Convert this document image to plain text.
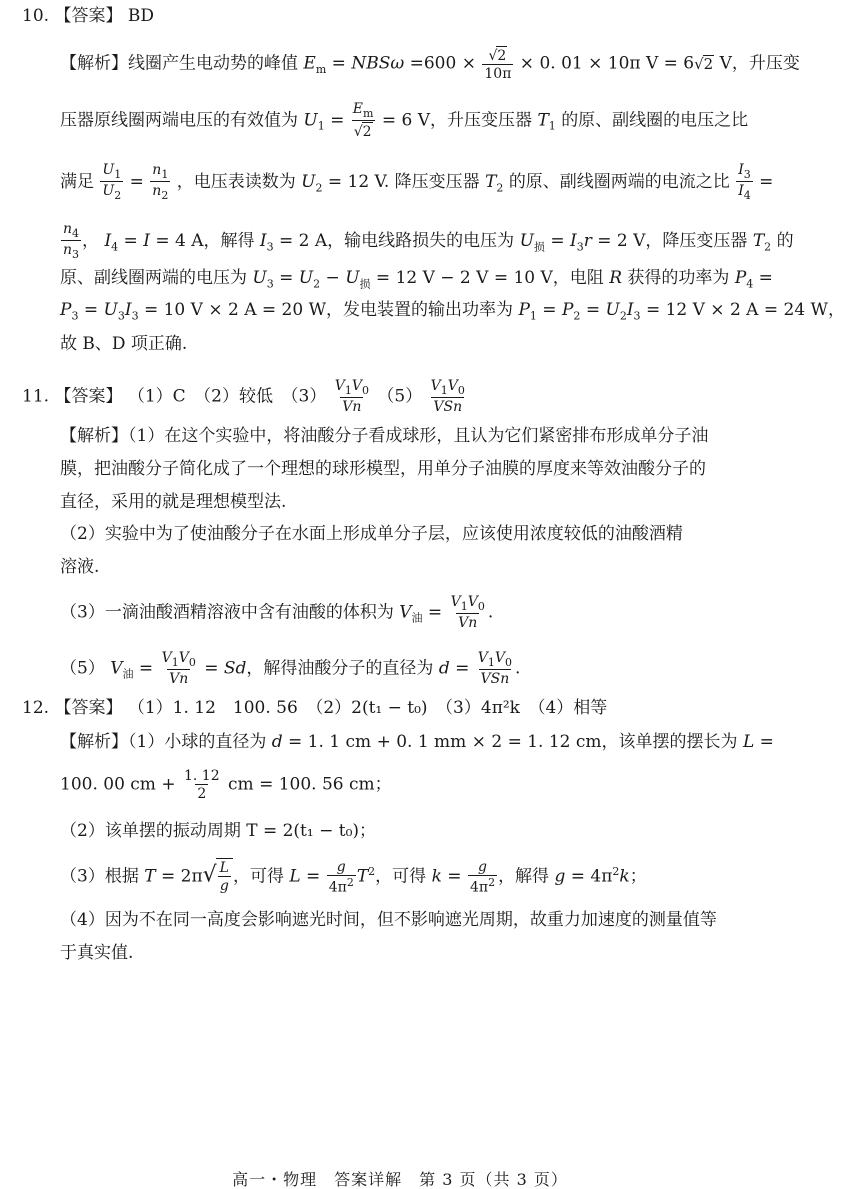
10. 【答案】 BD
【解析】线圈产生电动势的峰值 $E_m = NBS\omega =600 \times \frac{√2}{10\pi} \times 0$. 01 × 10π V = 6√2 V，升压变
压器原线圈两端电压的有效值为 $U_1 = \frac{E_m}{√2} = 6$ V，升压变压器 $T_1$ 的原、副线圈的电压之比
满足 $\frac{U_1}{U_2} = \frac{n_1}{n_2}$ ，电压表读数为 $U_2 = 12$ V. 降压变压器 $T_2$ 的原、副线圈两端的电流之比 $\frac{I_3}{I_4}$ =
$\frac{n_4}{n_3}$ ， $I_4 = I = 4$ A，解得 $I_3 = 2$ A，输电线路损失的电压为 $U_损 = I_3r = 2$ V，降压变压器 $T_2$ 的
原、副线圈两端的电压为 $U_3 = U_2 - U_损 = 12$ V − 2 V = 10 V，电阻 R 获得的功率为 $P_4$ =
$P_3 = U_3I_3 = 10$ V × 2 A = 20 W，发电装置的输出功率为 $P_1 = P_2 = U_2I_3 = 12$ V × 2 A = 24 W，
故 B、D 项正确.
11. 【答案】 （1）C　（2）较低　$(3) \frac{V_1V_0}{Vn} (5)$
$V_1V_0$
VSn
【解析】（1）在这个实验中，将油酸分子看成球形，且认为它们紧密排布形成单分子油
膜，把油酸分子简化成了一个理想的球形模型，用单分子油膜的厚度来等效油酸分子的
直径，采用的就是理想模型法.
（2）实验中为了使油酸分子在水面上形成单分子层，应该使用浓度较低的油酸酒精
溶液.
（3）一滴油酸酒精溶液中含有油酸的体积为 $V_油 = \frac{V_1V_0}{Vn}$ .
（5） $V_油 = \frac{V_1V_0}{Vn} = Sd$，解得油酸分子的直径为 d =
$V_1V_0$
VSn
.
12. 【答案】 （1）1. 12　100. 56　（2）2(t₁ − t₀)　（3）4π²k　（4）相等
【解析】（1）小球的直径为 d = 1. 1 cm + 0. 1 mm × 2 = 1. 12 cm，该单摆的摆长为 L =
100. 00 cm + $\frac{1. 12}{2}$ cm = 100. 56 cm；
（2）该单摆的振动周期 T = 2(t₁ − t₀)；
（3）根据 $T = 2\pi√ \frac{L}{g}$ ，可得 $L = \frac{g}{4\pi^2} T^2$，可得 $k = \frac{g}{4\pi^2}$ ，解得 $g = 4\pi^2k$；
（4）因为不在同一高度会影响遮光时间，但不影响遮光周期，故重力加速度的测量值等
于真实值.
高一・物理　答案详解　第 3 页（共 3 页）
